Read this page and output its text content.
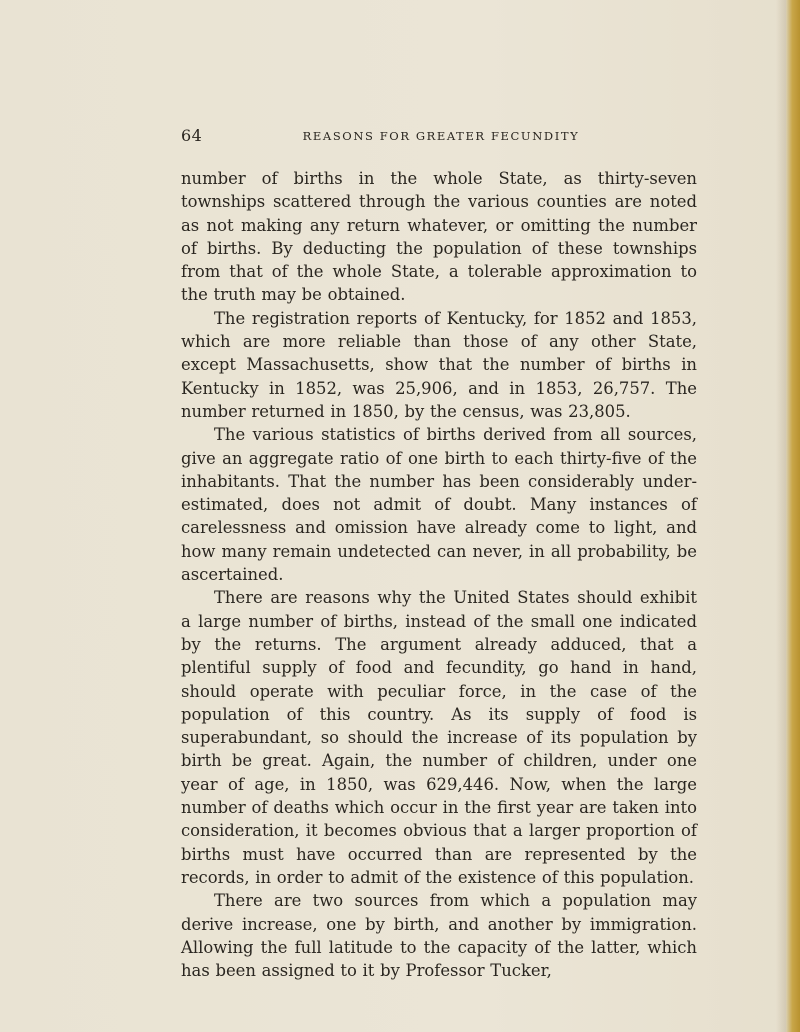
64	REASONS FOR GREATER FECUNDITY

number of births in the whole State, as thirty-seven townships scattered through the various counties are noted as not making any return whatever, or omitting the number of births. By deducting the population of these townships from that of the whole State, a tolerable approximation to the truth may be obtained.

The registration reports of Kentucky, for 1852 and 1853, which are more reliable than those of any other State, except Massachusetts, show that the number of births in Kentucky in 1852, was 25,906, and in 1853, 26,757. The number returned in 1850, by the census, was 23,805.

The various statistics of births derived from all sources, give an aggregate ratio of one birth to each thirty-five of the inhabitants. That the number has been considerably under-estimated, does not admit of doubt. Many instances of carelessness and omission have already come to light, and how many remain undetected can never, in all probability, be ascertained.

There are reasons why the United States should exhibit a large number of births, instead of the small one indicated by the returns. The argument already adduced, that a plentiful supply of food and fecundity, go hand in hand, should operate with peculiar force, in the case of the population of this country. As its supply of food is superabundant, so should the increase of its population by birth be great. Again, the number of children, under one year of age, in 1850, was 629,446. Now, when the large number of deaths which occur in the first year are taken into consideration, it becomes obvious that a larger proportion of births must have occurred than are represented by the records, in order to admit of the existence of this population.

There are two sources from which a population may derive increase, one by birth, and another by immigration. Allowing the full latitude to the capacity of the latter, which has been assigned to it by Professor Tucker,
